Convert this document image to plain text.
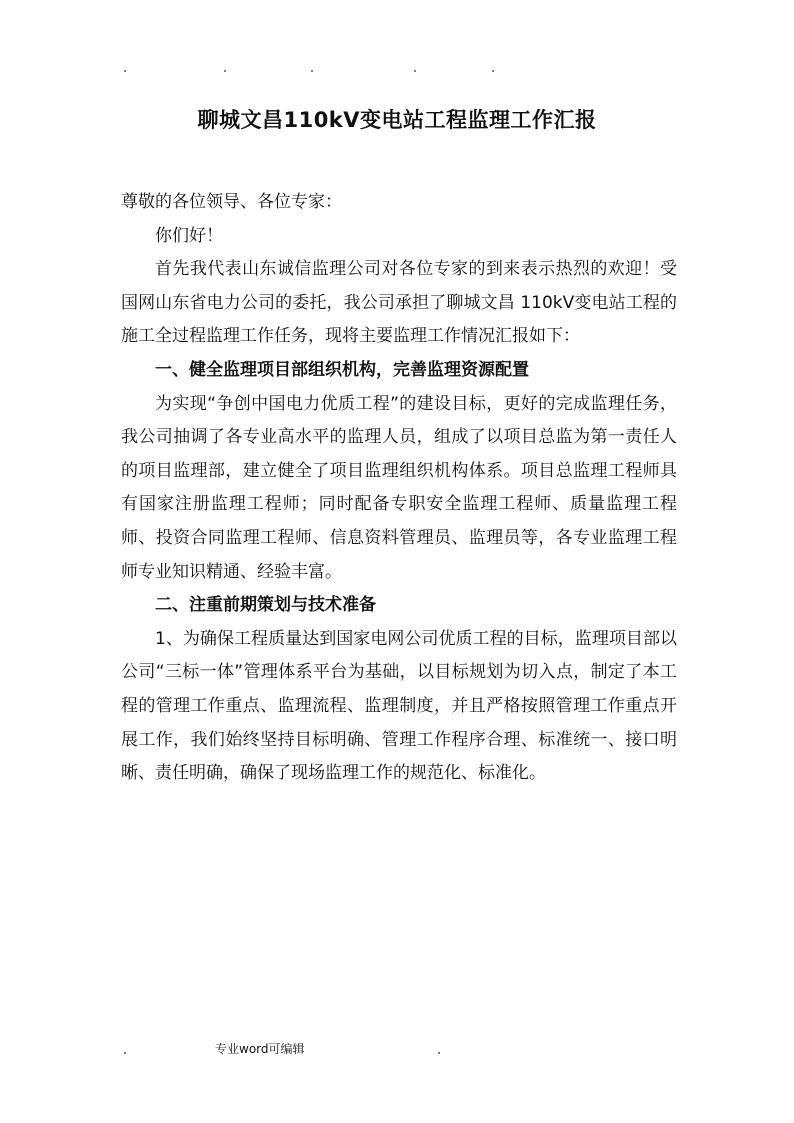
聊城文昌110kV变电站工程监理工作汇报

尊敬的各位领导、各位专家：

你们好！

首先我代表山东诚信监理公司对各位专家的到来表示热烈的欢迎！受国网山东省电力公司的委托，我公司承担了聊城文昌 110kV变电站工程的施工全过程监理工作任务，现将主要监理工作情况汇报如下：

一、健全监理项目部组织机构，完善监理资源配置

为实现“争创中国电力优质工程”的建设目标，更好的完成监理任务，我公司抽调了各专业高水平的监理人员，组成了以项目总监为第一责任人的项目监理部，建立健全了项目监理组织机构体系。项目总监理工程师具有国家注册监理工程师；同时配备专职安全监理工程师、质量监理工程师、投资合同监理工程师、信息资料管理员、监理员等，各专业监理工程师专业知识精通、经验丰富。

二、注重前期策划与技术准备

1、为确保工程质量达到国家电网公司优质工程的目标，监理项目部以公司“三标一体”管理体系平台为基础，以目标规划为切入点，制定了本工程的管理工作重点、监理流程、监理制度，并且严格按照管理工作重点开展工作，我们始终坚持目标明确、管理工作程序合理、标准统一、接口明晰、责任明确，确保了现场监理工作的规范化、标准化。

专业word可编辑
